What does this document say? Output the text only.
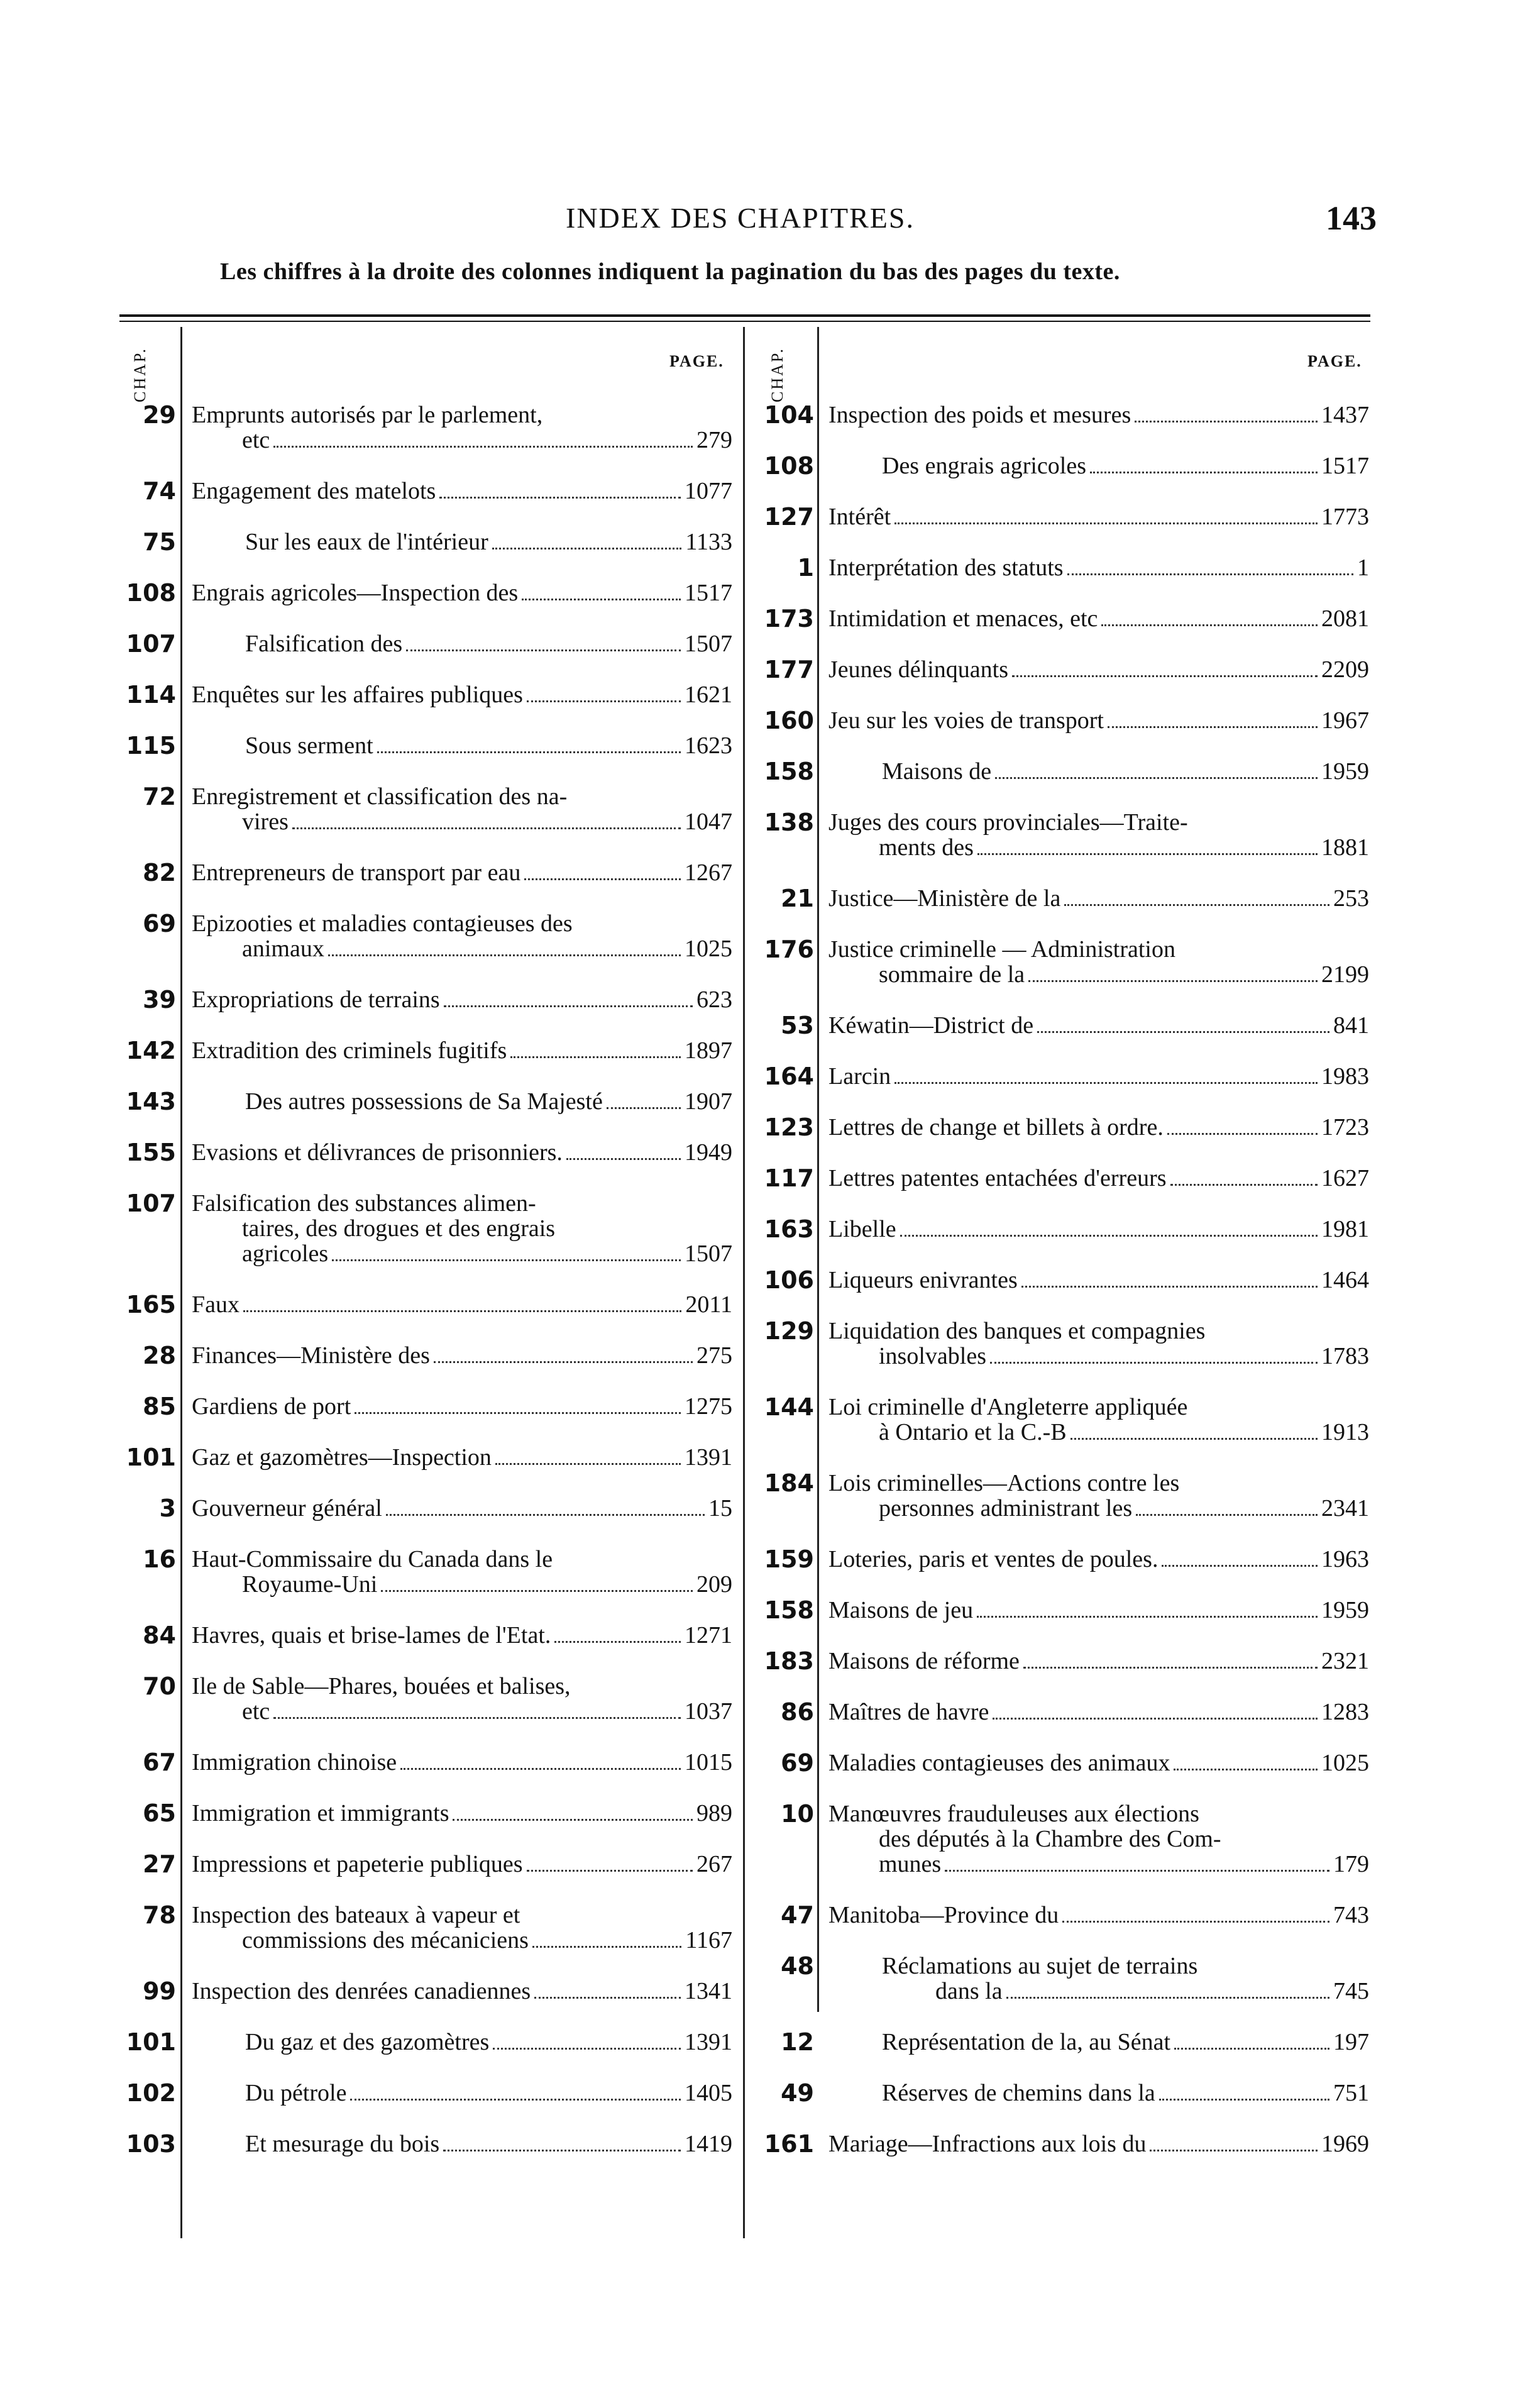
INDEX DES CHAPITRES.	143
Les chiffres à la droite des colonnes indiquent la pagination du bas des pages du texte.
CHAP.	CHAP.
PAGE.	PAGE.
29 Emprunts autorisés par le parlement,
etc	279
74 Engagement des matelots	1077
75	Sur les eaux de l'intérieur	1133
108 Engrais agricoles—Inspection des	1517
107	Falsification des	1507
114 Enquêtes sur les affaires publiques	1621
115	Sous serment	1623
72 Enregistrement et classification des na-
vires	1047
82 Entrepreneurs de transport par eau	1267
69 Epizooties et maladies contagieuses des
animaux	1025
39 Expropriations de terrains	623
142 Extradition des criminels fugitifs	1897
143	Des autres possessions de Sa Majesté	1907
155 Evasions et délivrances de prisonniers.	1949
107 Falsification des substances alimen-
taires, des drogues et des engrais
agricoles	1507
165 Faux	2011
28 Finances—Ministère des	275
85 Gardiens de port	1275
101 Gaz et gazomètres—Inspection	1391
3 Gouverneur général	15
16 Haut-Commissaire du Canada dans le
Royaume-Uni	209
84 Havres, quais et brise-lames de l'Etat.	1271
70 Ile de Sable—Phares, bouées et balises,
etc	1037
67 Immigration chinoise	1015
65 Immigration et immigrants	989
27 Impressions et papeterie publiques	267
78 Inspection des bateaux à vapeur et
commissions des mécaniciens	1167
99 Inspection des denrées canadiennes	1341
101	Du gaz et des gazomètres	1391
102	Du pétrole	1405
103	Et mesurage du bois	1419
104 Inspection des poids et mesures	1437
108	Des engrais agricoles	1517
127 Intérêt	1773
1 Interprétation des statuts	1
173 Intimidation et menaces, etc	2081
177 Jeunes délinquants	2209
160 Jeu sur les voies de transport	1967
158	Maisons de	1959
138 Juges des cours provinciales—Traite-
ments des	1881
21 Justice—Ministère de la	253
176 Justice criminelle — Administration
sommaire de la	2199
53 Kéwatin—District de	841
164 Larcin	1983
123 Lettres de change et billets à ordre.	1723
117 Lettres patentes entachées d'erreurs	1627
163 Libelle	1981
106 Liqueurs enivrantes	1464
129 Liquidation des banques et compagnies
insolvables	1783
144 Loi criminelle d'Angleterre appliquée
à Ontario et la C.-B	1913
184 Lois criminelles—Actions contre les
personnes administrant les	2341
159 Loteries, paris et ventes de poules.	1963
158 Maisons de jeu	1959
183 Maisons de réforme	2321
86 Maîtres de havre	1283
69 Maladies contagieuses des animaux	1025
10 Manœuvres frauduleuses aux élections
des députés à la Chambre des Com-
munes	179
47 Manitoba—Province du	743
48	Réclamations au sujet de terrains
dans la	745
12	Représentation de la, au Sénat	197
49	Réserves de chemins dans la	751
161 Mariage—Infractions aux lois du	1969
